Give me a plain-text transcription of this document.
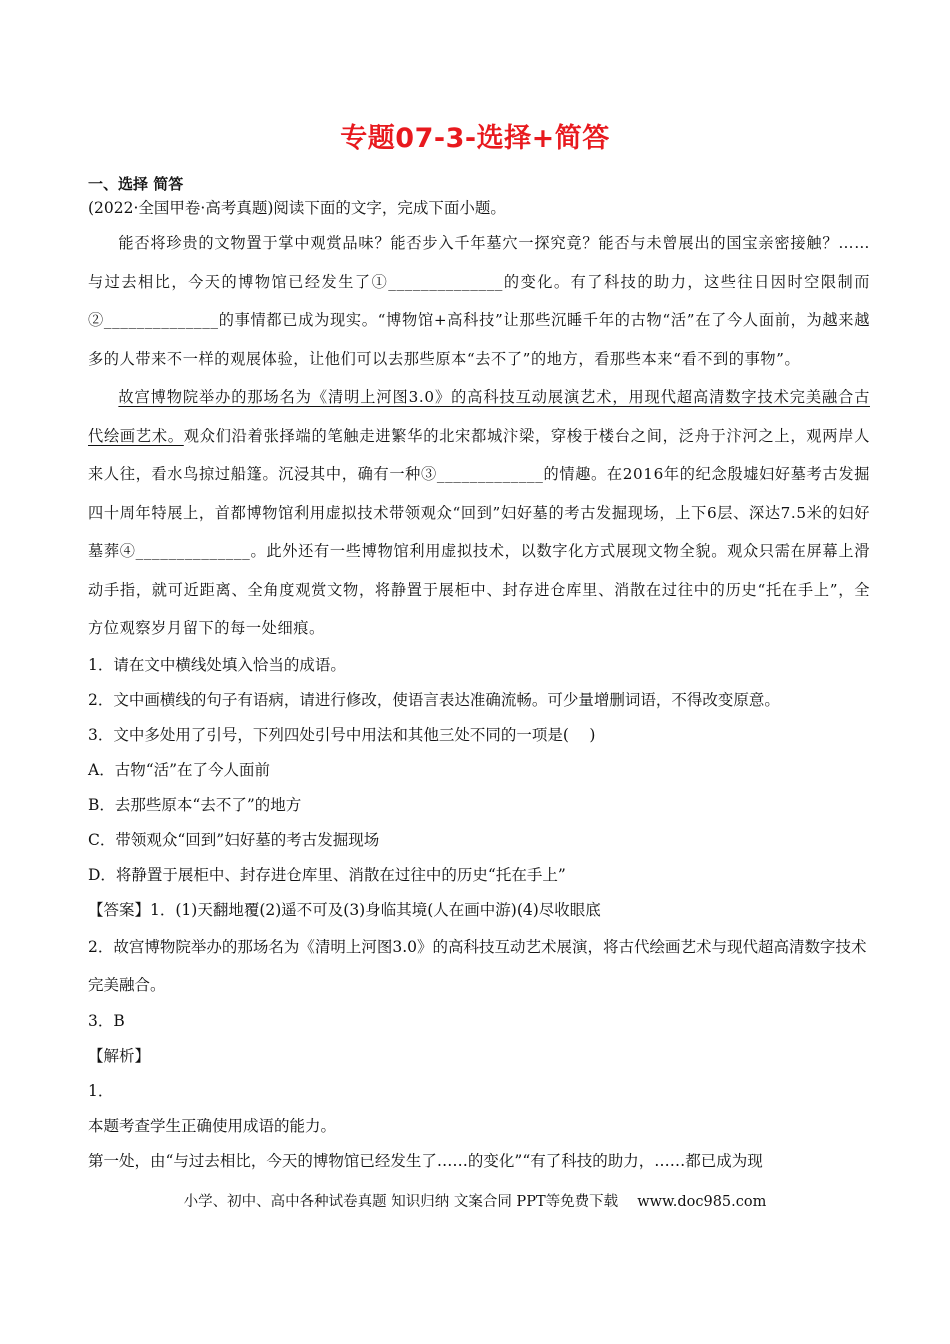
专题07-3-选择+简答
一、选择 简答
(2022·全国甲卷·高考真题)阅读下面的文字，完成下面小题。

能否将珍贵的文物置于掌中观赏品味？能否步入千年墓穴一探究竟？能否与未曾展出的国宝亲密接触？……与过去相比，今天的博物馆已经发生了①______________的变化。有了科技的助力，这些往日因时空限制而②______________的事情都已成为现实。“博物馆+高科技”让那些沉睡千年的古物“活”在了今人面前，为越来越多的人带来不一样的观展体验，让他们可以去那些原本“去不了”的地方，看那些本来“看不到的事物”。

故宫博物院举办的那场名为《清明上河图3.0》的高科技互动展演艺术，用现代超高清数字技术完美融合古代绘画艺术。观众们沿着张择端的笔触走进繁华的北宋都城汴梁，穿梭于楼台之间，泛舟于汴河之上，观两岸人来人往，看水鸟掠过船篷。沉浸其中，确有一种③_____________的情趣。在2016年的纪念殷墟妇好墓考古发掘四十周年特展上，首都博物馆利用虚拟技术带领观众“回到”妇好墓的考古发掘现场，上下6层、深达7.5米的妇好墓葬④______________。此外还有一些博物馆利用虚拟技术，以数字化方式展现文物全貌。观众只需在屏幕上滑动手指，就可近距离、全角度观赏文物，将静置于展柜中、封存进仓库里、消散在过往中的历史“托在手上”，全方位观察岁月留下的每一处细痕。

1．请在文中横线处填入恰当的成语。
2．文中画横线的句子有语病，请进行修改，使语言表达准确流畅。可少量增删词语，不得改变原意。
3．文中多处用了引号，下列四处引号中用法和其他三处不同的一项是(　 )
A．古物“活”在了今人面前
B．去那些原本“去不了”的地方
C．带领观众“回到”妇好墓的考古发掘现场
D．将静置于展柜中、封存进仓库里、消散在过往中的历史“托在手上”
【答案】1．(1)天翻地覆(2)遥不可及(3)身临其境(人在画中游)(4)尽收眼底
2．故宫博物院举办的那场名为《清明上河图3.0》的高科技互动艺术展演，将古代绘画艺术与现代超高清数字技术完美融合。
3．B
【解析】
1．
本题考查学生正确使用成语的能力。
第一处，由“与过去相比，今天的博物馆已经发生了……的变化”“有了科技的助力，……都已成为现
小学、初中、高中各种试卷真题 知识归纳 文案合同 PPT等免费下载　 www.doc985.com
